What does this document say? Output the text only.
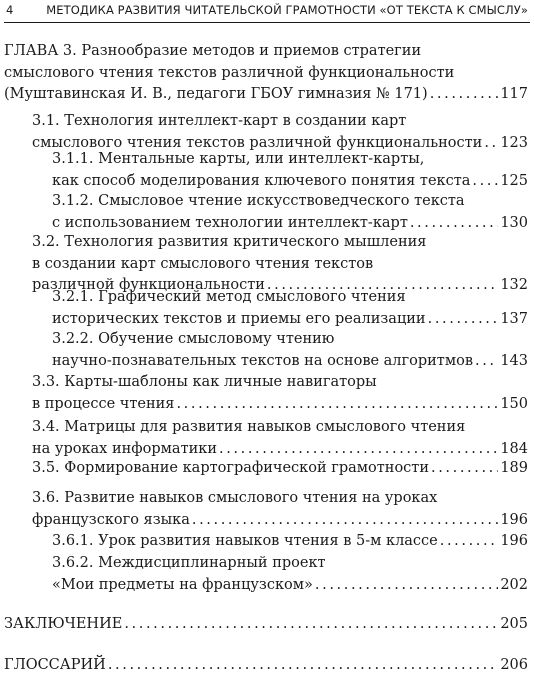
4	МЕТОДИКА РАЗВИТИЯ ЧИТАТЕЛЬСКОЙ ГРАМОТНОСТИ «ОТ ТЕКСТА К СМЫСЛУ»
ГЛАВА 3. Разнообразие методов и приемов стратегии
смысловогo чтения текстов различной функциональности
(Муштавинская И. В., педагоги ГБОУ гимназия № 171) .....	117
3.1. Технология интеллект-карт в создании карт
смыслового чтения текстов различной функциональности ..... 123
3.1.1. Ментальные карты, или интеллект-карты,
как способ моделирования ключевого понятия текста ..... 125
3.1.2. Смысловое чтение искусствоведческого текста
с использованием технологии интеллект-карт .....	130
3.2. Технология развития критического мышления
в создании карт смыслового чтения текстов
различной функциональности .....	132
3.2.1. Графический метод смыслового чтения
исторических текстов и приемы его реализации .....	137
3.2.2. Обучение смысловому чтению
научно-познавательных текстов на основе алгоритмов ..... 143
3.3. Карты-шаблоны как личные навигаторы
в процессе чтения .....	150
3.4. Матрицы для развития навыков смыслового чтения
на уроках информатики .....	184
3.5. Формирование картографической грамотности .....	189
3.6. Развитие навыков смыслового чтения на уроках
французского языка .....	196
3.6.1. Урок развития навыков чтения в 5-м классе .....	196
3.6.2. Междисциплинарный проект
«Мои предметы на французском» .....	202
ЗАКЛЮЧЕНИЕ .....	205
ГЛОССАРИЙ .....	206
